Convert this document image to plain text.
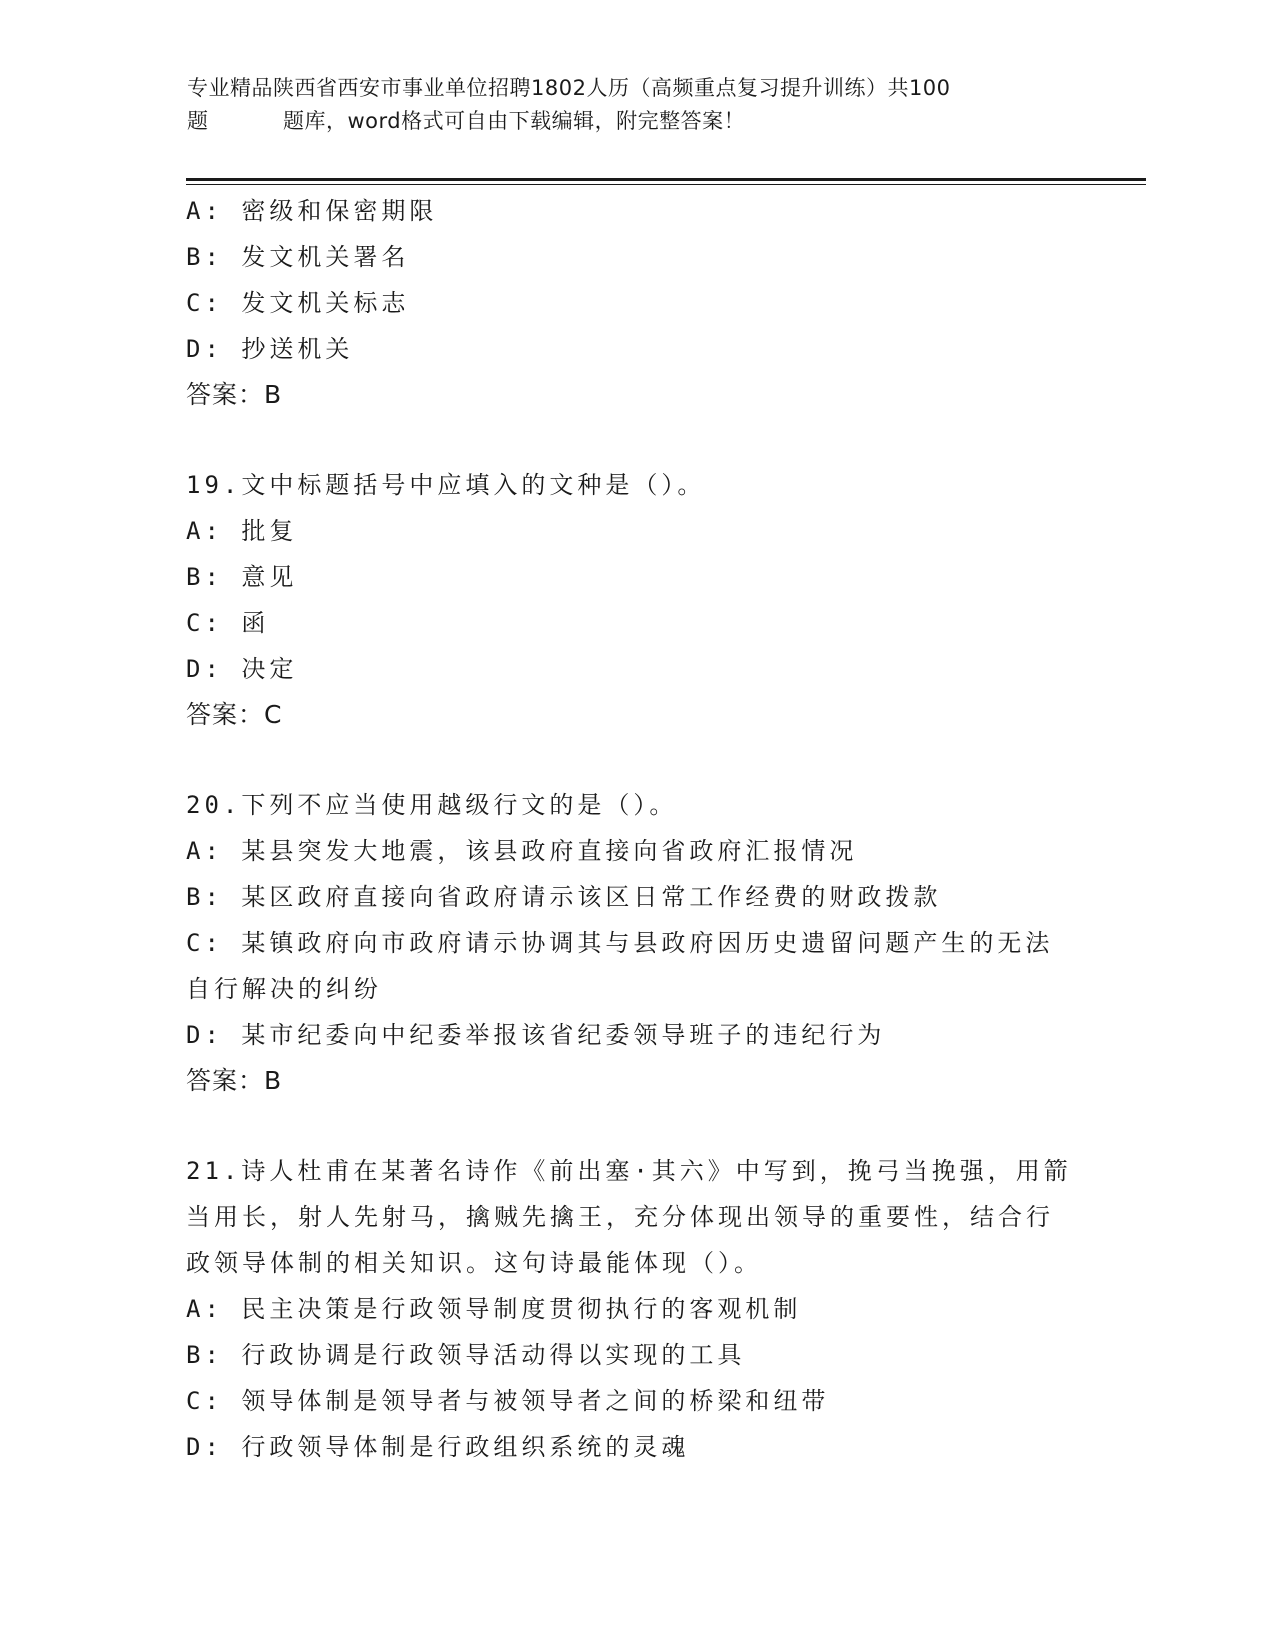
专业精品陕西省西安市事业单位招聘1802人历（高频重点复习提升训练）共100
题	题库，word格式可自由下载编辑，附完整答案！
A: 密级和保密期限
B: 发文机关署名
C: 发文机关标志
D: 抄送机关
答案：B
19.文中标题括号中应填入的文种是（）。
A: 批复
B: 意见
C: 函
D: 决定
答案：C
20.下列不应当使用越级行文的是（）。
A: 某县突发大地震，该县政府直接向省政府汇报情况
B: 某区政府直接向省政府请示该区日常工作经费的财政拨款
C: 某镇政府向市政府请示协调其与县政府因历史遗留问题产生的无法自行解决的纠纷
D: 某市纪委向中纪委举报该省纪委领导班子的违纪行为
答案：B
21.诗人杜甫在某著名诗作《前出塞·其六》中写到，挽弓当挽强，用箭当用长，射人先射马，擒贼先擒王，充分体现出领导的重要性，结合行政领导体制的相关知识。这句诗最能体现（）。
A: 民主决策是行政领导制度贯彻执行的客观机制
B: 行政协调是行政领导活动得以实现的工具
C: 领导体制是领导者与被领导者之间的桥梁和纽带
D: 行政领导体制是行政组织系统的灵魂
